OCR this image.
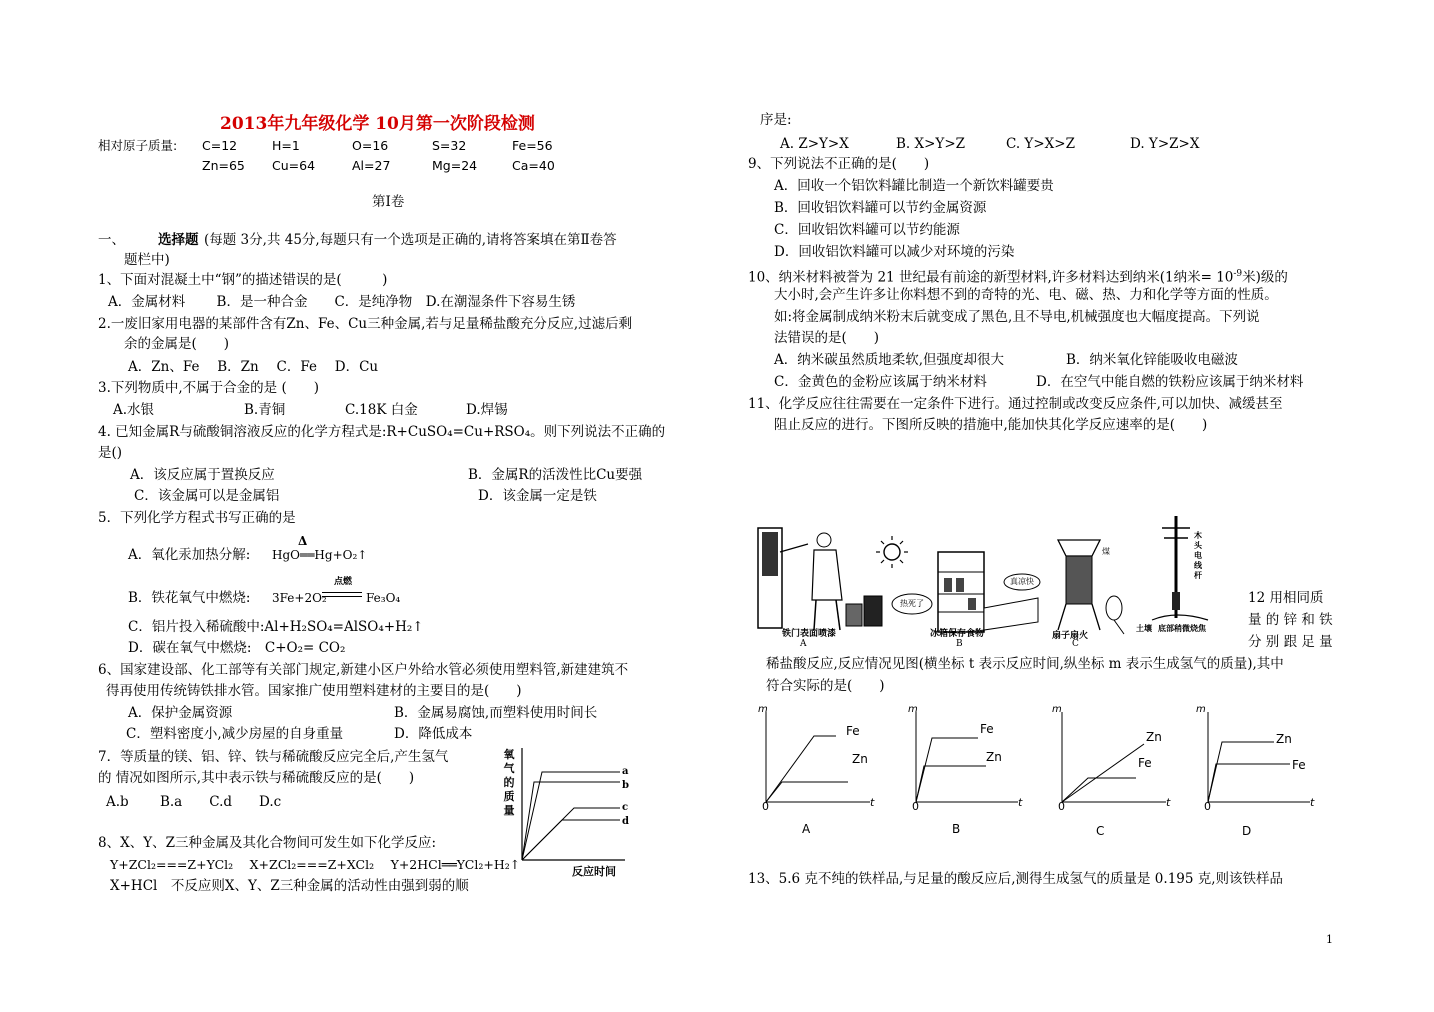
2013年九年级化学 10月第一次阶段检测
相对原子质量: C=12	H=1	O=16	S=32	Fe=56
Zn=65 Cu=64	Al=27	Mg=24	Ca=40
第Ⅰ卷
一、 选择题 (每题 3分,共 45分,每题只有一个选项是正确的,请将答案填在第Ⅱ卷答
题栏中)
1、下面对混凝土中“钢”的描述错误的是(　　　)
A．金属材料　　 B．是一种合金　　C．是纯净物　D.在潮湿条件下容易生锈
2.一废旧家用电器的某部件含有Zn、Fe、Cu三种金属,若与足量稀盐酸充分反应,过滤后剩
余的金属是(　　)
A．Zn、Fe　 B．Zn　 C．Fe　 D．Cu
3.下列物质中,不属于合金的是 (　　)
A.水银	B.青铜	C.18K 白金	D.焊锡
4. 已知金属R与硫酸铜溶液反应的化学方程式是:R+CuSO₄=Cu+RSO₄。则下列说法不正确的
是()
A．该反应属于置换反应	B．金属R的活泼性比Cu要强
C．该金属可以是金属铝	D．该金属一定是铁
5．下列化学方程式书写正确的是
A．氧化汞加热分解: HgO══Hg+O₂↑
Δ
B．铁花氧气中燃烧: 3Fe+2O₂
点燃
Fe₃O₄
C．铝片投入稀硫酸中:Al+H₂SO₄=AlSO₄+H₂↑
D．碳在氧气中燃烧:　C+O₂= CO₂
6、国家建设部、化工部等有关部门规定,新建小区户外给水管必须使用塑料管,新建建筑不
得再使用传统铸铁排水管。国家推广使用塑料建材的主要目的是(　　)
A．保护金属资源	B．金属易腐蚀,而塑料使用时间长
C．塑料密度小,减少房屋的自身重量	D．降低成本
7．等质量的镁、铝、锌、铁与稀硫酸反应完全后,产生氢气
的 情况如图所示,其中表示铁与稀硫酸反应的是(　　)
A.b　　 B.a　　C.d　　D.c
氧
气
的
质
量
a
b
c
d
反应时间
8、X、Y、Z三种金属及其化合物间可发生如下化学反应:
Y+ZCl₂===Z+YCl₂　 X+ZCl₂===Z+XCl₂　 Y+2HCl══YCl₂+H₂↑
X+HCl　不反应则X、Y、Z三种金属的活动性由强到弱的顺
序是:
A. Z>Y>X	B. X>Y>Z	C. Y>X>Z	D. Y>Z>X
9、下列说法不正确的是(　　)
A．回收一个铝饮料罐比制造一个新饮料罐要贵
B．回收铝饮料罐可以节约金属资源
C．回收铝饮料罐可以节约能源
D．回收铝饮料罐可以减少对环境的污染
10、纳米材料被誉为 21 世纪最有前途的新型材料,许多材料达到纳米(1纳米= $10^{-9}$米)级的
大小时,会产生许多让你料想不到的奇特的光、电、磁、热、力和化学等方面的性质。
如:将金属制成纳米粉末后就变成了黑色,且不导电,机械强度也大幅度提高。下列说
法错误的是(　　)
A．纳米碳虽然质地柔软,但强度却很大	B．纳米氧化锌能吸收电磁波
C．金黄色的金粉应该属于纳米材料	D．在空气中能自燃的铁粉应该属于纳米材料
11、化学反应往往需要在一定条件下进行。通过控制或改变反应条件,可以加快、减缓甚至
阻止反应的进行。下图所反映的措施中,能加快其化学反应速率的是(　　)
铁门表面喷漆	冰箱保存食物	扇子扇火
土壤 底部稍微烧焦
A	B	C
热死了
真凉快
煤
木
头
电
线
杆
12 用相同质
量 的 锌 和 铁
分 别 跟 足 量
稀盐酸反应,反应情况见图(横坐标 t 表示反应时间,纵坐标 m 表示生成氢气的质量),其中
符合实际的是(　　)
m
0	t
Fe
Zn
A
m
0	t
Fe
Zn
B
m
0	t
Zn
Fe
C
m
0	t
Zn
Fe
D
13、5.6 克不纯的铁样品,与足量的酸反应后,测得生成氢气的质量是 0.195 克,则该铁样品
1
